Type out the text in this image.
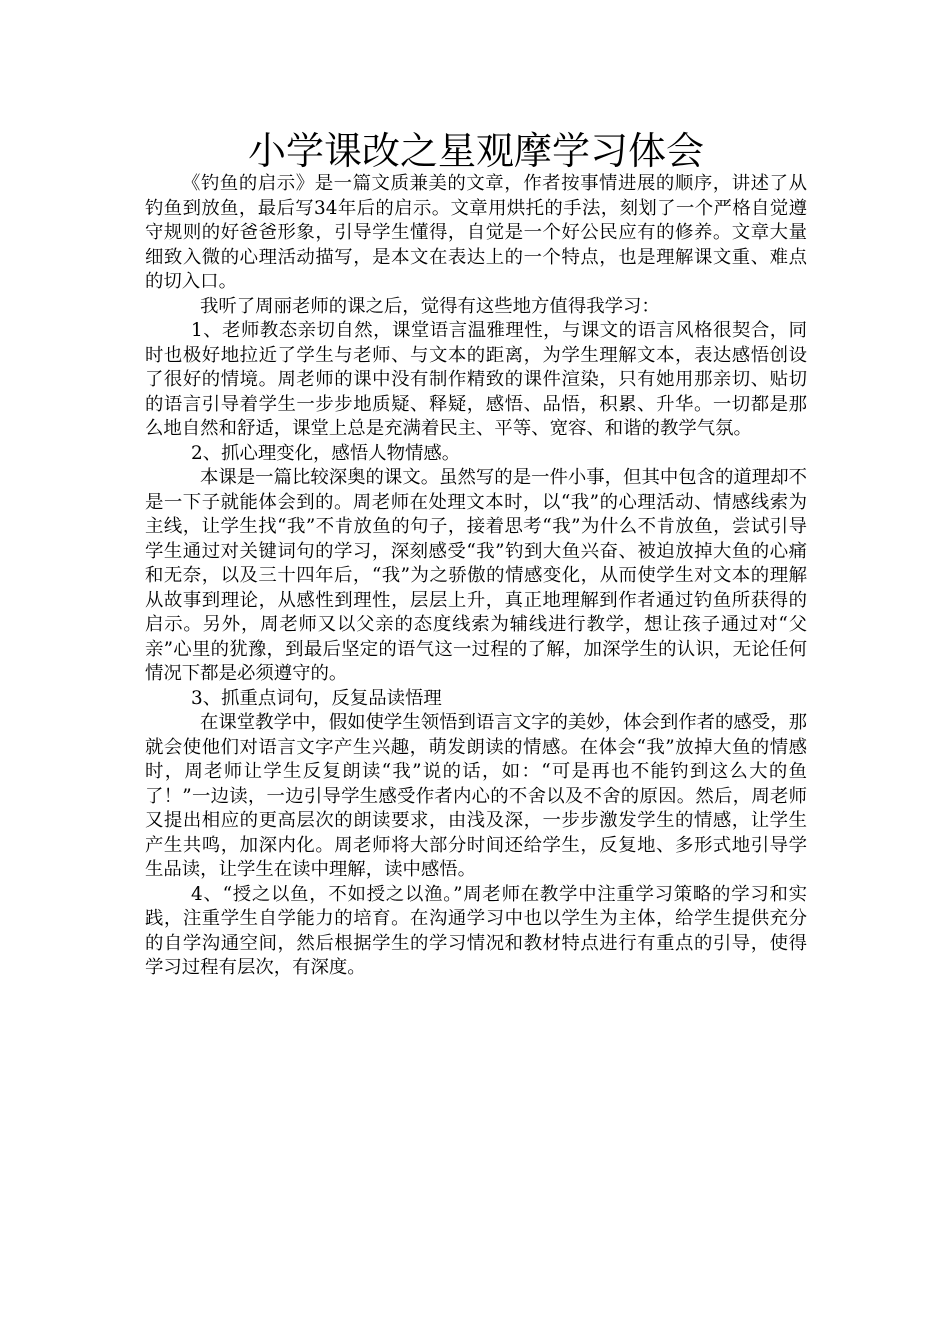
小学课改之星观摩学习体会

《钓鱼的启示》是一篇文质兼美的文章，作者按事情进展的顺序，讲述了从钓鱼到放鱼，最后写34年后的启示。文章用烘托的手法，刻划了一个严格自觉遵守规则的好爸爸形象，引导学生懂得，自觉是一个好公民应有的修养。文章大量细致入微的心理活动描写，是本文在表达上的一个特点，也是理解课文重、难点的切入口。

我听了周丽老师的课之后，觉得有这些地方值得我学习：

1、老师教态亲切自然，课堂语言温雅理性，与课文的语言风格很契合，同时也极好地拉近了学生与老师、与文本的距离，为学生理解文本，表达感悟创设了很好的情境。周老师的课中没有制作精致的课件渲染，只有她用那亲切、贴切的语言引导着学生一步步地质疑、释疑，感悟、品悟，积累、升华。一切都是那么地自然和舒适，课堂上总是充满着民主、平等、宽容、和谐的教学气氛。

2、抓心理变化，感悟人物情感。

本课是一篇比较深奥的课文。虽然写的是一件小事，但其中包含的道理却不是一下子就能体会到的。周老师在处理文本时，以“我”的心理活动、情感线索为主线，让学生找“我”不肯放鱼的句子，接着思考“我”为什么不肯放鱼，尝试引导学生通过对关键词句的学习，深刻感受“我”钓到大鱼兴奋、被迫放掉大鱼的心痛和无奈，以及三十四年后，“我”为之骄傲的情感变化，从而使学生对文本的理解从故事到理论，从感性到理性，层层上升，真正地理解到作者通过钓鱼所获得的启示。另外，周老师又以父亲的态度线索为辅线进行教学，想让孩子通过对“父亲”心里的犹豫，到最后坚定的语气这一过程的了解，加深学生的认识，无论任何情况下都是必须遵守的。

3、抓重点词句，反复品读悟理

在课堂教学中，假如使学生领悟到语言文字的美妙，体会到作者的感受，那就会使他们对语言文字产生兴趣，萌发朗读的情感。在体会“我”放掉大鱼的情感时，周老师让学生反复朗读“我”说的话，如：“可是再也不能钓到这么大的鱼了！”一边读，一边引导学生感受作者内心的不舍以及不舍的原因。然后，周老师又提出相应的更高层次的朗读要求，由浅及深，一步步激发学生的情感，让学生产生共鸣，加深内化。周老师将大部分时间还给学生，反复地、多形式地引导学生品读，让学生在读中理解，读中感悟。

4、“授之以鱼，不如授之以渔。”周老师在教学中注重学习策略的学习和实践，注重学生自学能力的培育。在沟通学习中也以学生为主体，给学生提供充分的自学沟通空间，然后根据学生的学习情况和教材特点进行有重点的引导，使得学习过程有层次，有深度。
